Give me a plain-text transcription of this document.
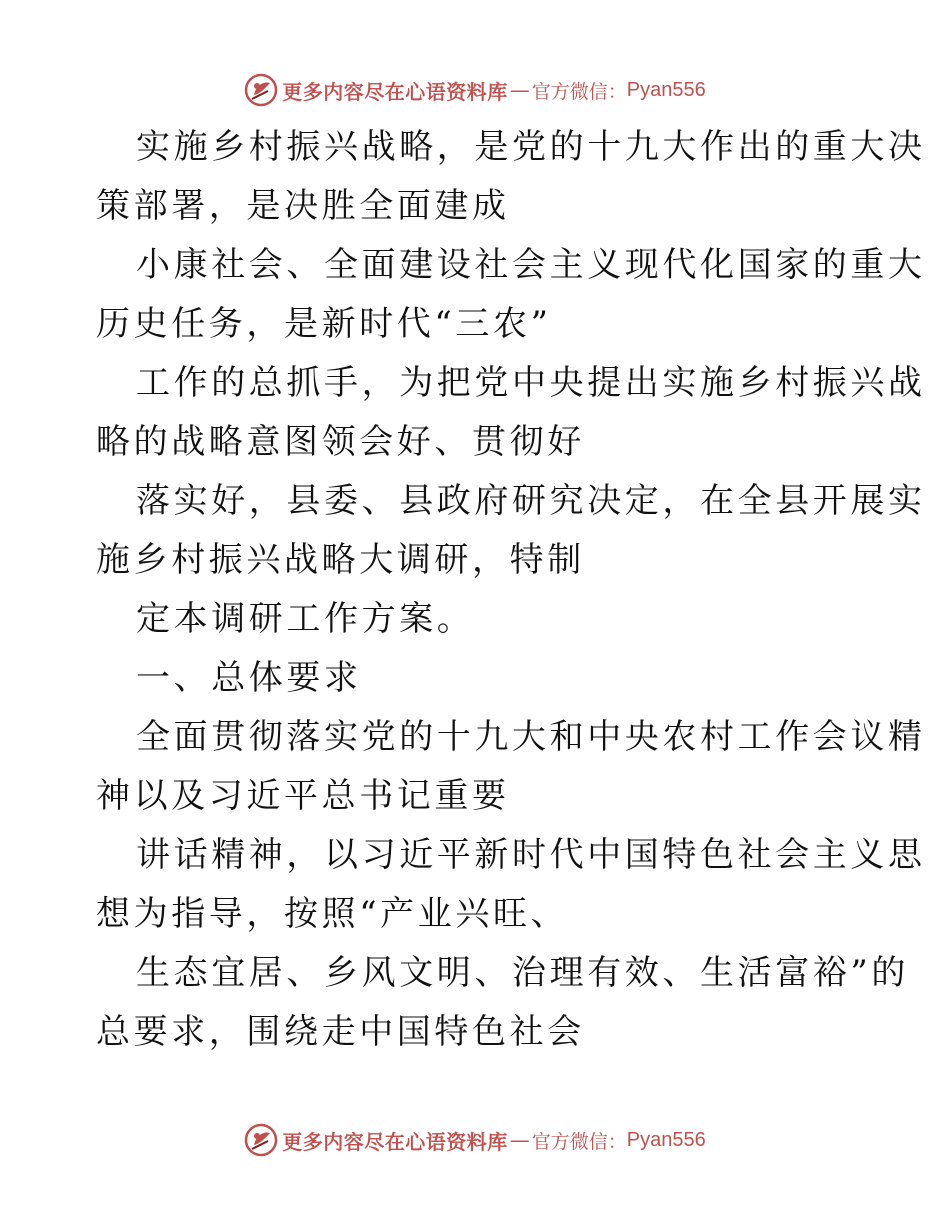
更多内容尽在心语资料库 — 官方微信： Pyan556
实施乡村振兴战略，是党的十九大作出的重大决
策部署，是决胜全面建成
小康社会、全面建设社会主义现代化国家的重大
历史任务，是新时代“三农”
工作的总抓手，为把党中央提出实施乡村振兴战
略的战略意图领会好、贯彻好
落实好，县委、县政府研究决定，在全县开展实
施乡村振兴战略大调研，特制
定本调研工作方案。
一、总体要求
全面贯彻落实党的十九大和中央农村工作会议精
神以及习近平总书记重要
讲话精神，以习近平新时代中国特色社会主义思
想为指导，按照“产业兴旺、
生态宜居、乡风文明、治理有效、生活富裕”的
总要求，围绕走中国特色社会
更多内容尽在心语资料库 — 官方微信： Pyan556
